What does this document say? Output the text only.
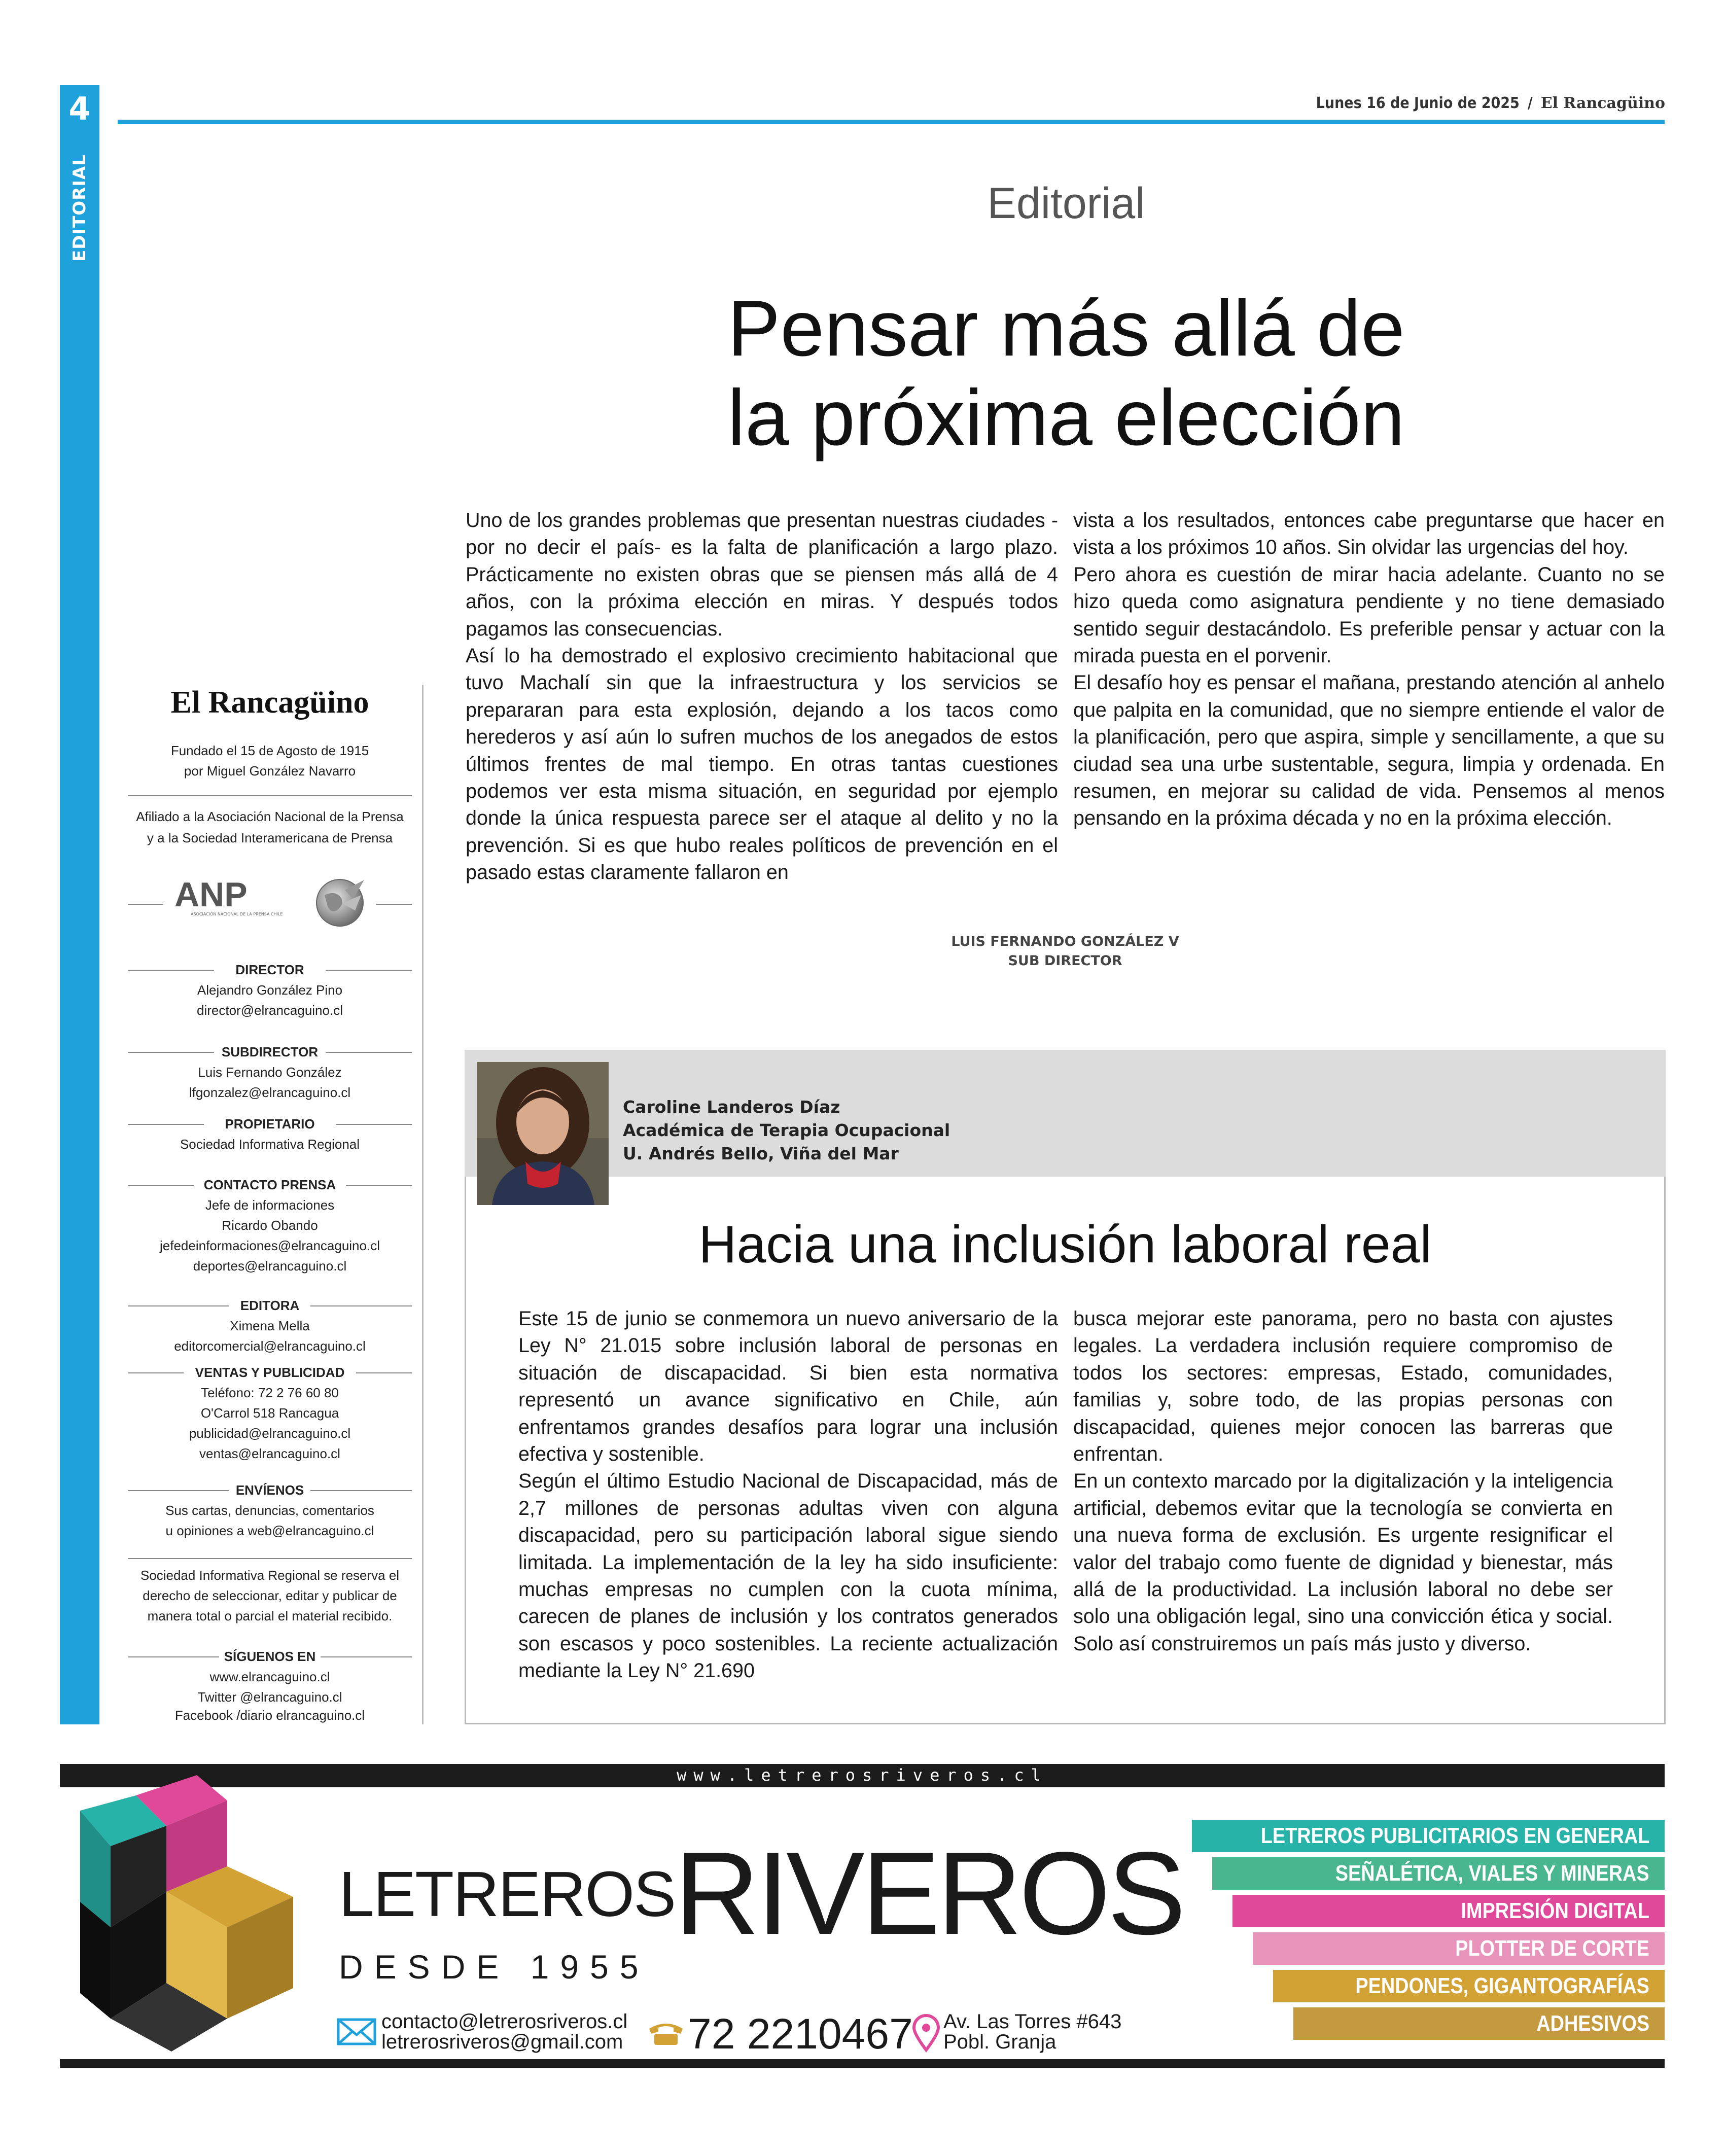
4
EDITORIAL
Lunes 16 de Junio de 2025 / El Rancagüino
Editorial
Pensar más allá de
la próxima elección

Uno de los grandes problemas que presentan nuestras ciudades -por no decir el país- es la falta de planificación a largo plazo. Prácticamente no existen obras que se piensen más allá de 4 años, con la próxima elección en miras. Y después todos pagamos las consecuencias.

Así lo ha demostrado el explosivo crecimiento habitacional que tuvo Machalí sin que la infraestructura y los servicios se prepararan para esta explosión, dejando a los tacos como herederos y así aún lo sufren muchos de los anegados de estos últimos frentes de mal tiempo. En otras tantas cuestiones podemos ver esta misma situación, en seguridad por ejemplo donde la única respuesta parece ser el ataque al delito y no la prevención. Si es que hubo reales políticos de prevención en el pasado estas claramente fallaron en

vista a los resultados, entonces cabe preguntarse que hacer en vista a los próximos 10 años. Sin olvidar las urgencias del hoy.

Pero ahora es cuestión de mirar hacia adelante. Cuanto no se hizo queda como asignatura pendiente y no tiene demasiado sentido seguir destacándolo. Es preferible pensar y actuar con la mirada puesta en el porvenir.

El desafío hoy es pensar el mañana, prestando atención al anhelo que palpita en la comunidad, que no siempre entiende el valor de la planificación, pero que aspira, simple y sencillamente, a que su ciudad sea una urbe sustentable, segura, limpia y ordenada. En resumen, en mejorar su calidad de vida. Pensemos al menos pensando en la próxima década y no en la próxima elección.

LUIS FERNANDO GONZÁLEZ V
SUB DIRECTOR
El Rancagüino
Fundado el 15 de Agosto de 1915
por Miguel González Navarro
Afiliado a la Asociación Nacional de la Prensa
y a la Sociedad Interamericana de Prensa
DIRECTOR
Alejandro González Pino
director@elrancaguino.cl
SUBDIRECTOR
Luis Fernando González
lfgonzalez@elrancaguino.cl
PROPIETARIO
Sociedad Informativa Regional
CONTACTO PRENSA
Jefe de informaciones
Ricardo Obando
jefedeinformaciones@elrancaguino.cl
deportes@elrancaguino.cl
EDITORA
Ximena Mella
editorcomercial@elrancaguino.cl
VENTAS Y PUBLICIDAD
Teléfono: 72 2 76 60 80
O'Carrol 518 Rancagua
publicidad@elrancaguino.cl
ventas@elrancaguino.cl
ENVÍENOS
Sus cartas, denuncias, comentarios
u opiniones a web@elrancaguino.cl
Sociedad Informativa Regional se reserva el
derecho de seleccionar, editar y publicar de
manera total o parcial el material recibido.
SÍGUENOS EN
www.elrancaguino.cl
Twitter @elrancaguino.cl
Facebook /diario elrancaguino.cl
ANP
ASOCIACIÓN NACIONAL DE LA PRENSA CHILE
Caroline Landeros Díaz
Académica de Terapia Ocupacional
U. Andrés Bello, Viña del Mar
Hacia una inclusión laboral real

Este 15 de junio se conmemora un nuevo aniversario de la Ley N° 21.015 sobre inclusión laboral de personas en situación de discapacidad. Si bien esta normativa representó un avance significativo en Chile, aún enfrentamos grandes desafíos para lograr una inclusión efectiva y sostenible.

Según el último Estudio Nacional de Discapacidad, más de 2,7 millones de personas adultas viven con alguna discapacidad, pero su participación laboral sigue siendo limitada. La implementación de la ley ha sido insuficiente: muchas empresas no cumplen con la cuota mínima, carecen de planes de inclusión y los contratos generados son escasos y poco sostenibles. La reciente actualización mediante la Ley N° 21.690

busca mejorar este panorama, pero no basta con ajustes legales. La verdadera inclusión requiere compromiso de todos los sectores: empresas, Estado, comunidades, familias y, sobre todo, de las propias personas con discapacidad, quienes mejor conocen las barreras que enfrentan.

En un contexto marcado por la digitalización y la inteligencia artificial, debemos evitar que la tecnología se convierta en una nueva forma de exclusión. Es urgente resignificar el valor del trabajo como fuente de dignidad y bienestar, más allá de la productividad. La inclusión laboral no debe ser solo una obligación legal, sino una convicción ética y social. Solo así construiremos un país más justo y diverso.

www.letrerosriveros.cl
LETREROS
RIVEROS
DESDE 1955
contacto@letrerosriveros.cl
letrerosriveros@gmail.com 72 2210467 Av. Las Torres #643
Pobl. Granja
LETREROS PUBLICITARIOS EN GENERAL
SEÑALÉTICA, VIALES Y MINERAS
IMPRESIÓN DIGITAL
PLOTTER DE CORTE
PENDONES, GIGANTOGRAFÍAS
ADHESIVOS
